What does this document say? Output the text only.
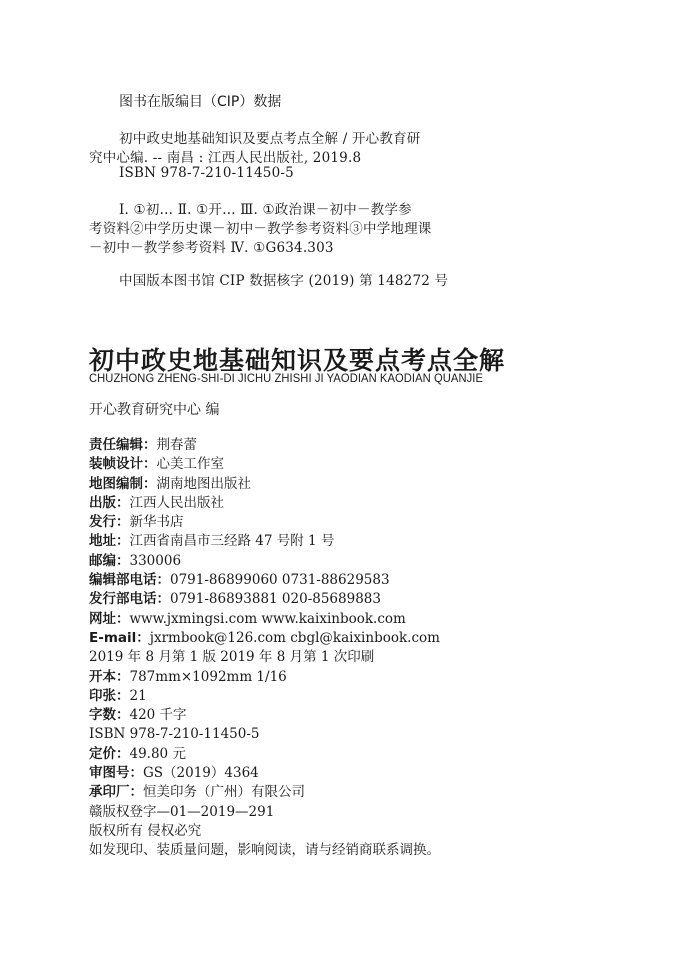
图书在版编目（CIP）数据
初中政史地基础知识及要点考点全解 / 开心教育研
究中心编. -- 南昌 : 江西人民出版社, 2019.8
ISBN 978-7-210-11450-5
Ⅰ. ①初… Ⅱ. ①开… Ⅲ. ①政治课－初中－教学参
考资料②中学历史课－初中－教学参考资料③中学地理课
－初中－教学参考资料 Ⅳ. ①G634.303
中国版本图书馆 CIP 数据核字 (2019) 第 148272 号
初中政史地基础知识及要点考点全解
CHUZHONG ZHENG-SHI-DI JICHU ZHISHI JI YAODIAN KAODIAN QUANJIE
开心教育研究中心 编
责任编辑：荆春蕾
装帧设计：心美工作室
地图编制：湖南地图出版社
出版：江西人民出版社
发行：新华书店
地址：江西省南昌市三经路 47 号附 1 号
邮编：330006
编辑部电话：0791-86899060 0731-88629583
发行部电话：0791-86893881 020-85689883
网址：www.jxmingsi.com www.kaixinbook.com
E-mail：jxrmbook@126.com cbgl@kaixinbook.com
2019 年 8 月第 1 版 2019 年 8 月第 1 次印刷
开本：787mm×1092mm 1/16
印张：21
字数：420 千字
ISBN 978-7-210-11450-5
定价：49.80 元
审图号：GS（2019）4364
承印厂：恒美印务（广州）有限公司
赣版权登字—01—2019—291
版权所有 侵权必究
如发现印、装质量问题，影响阅读，请与经销商联系调换。
